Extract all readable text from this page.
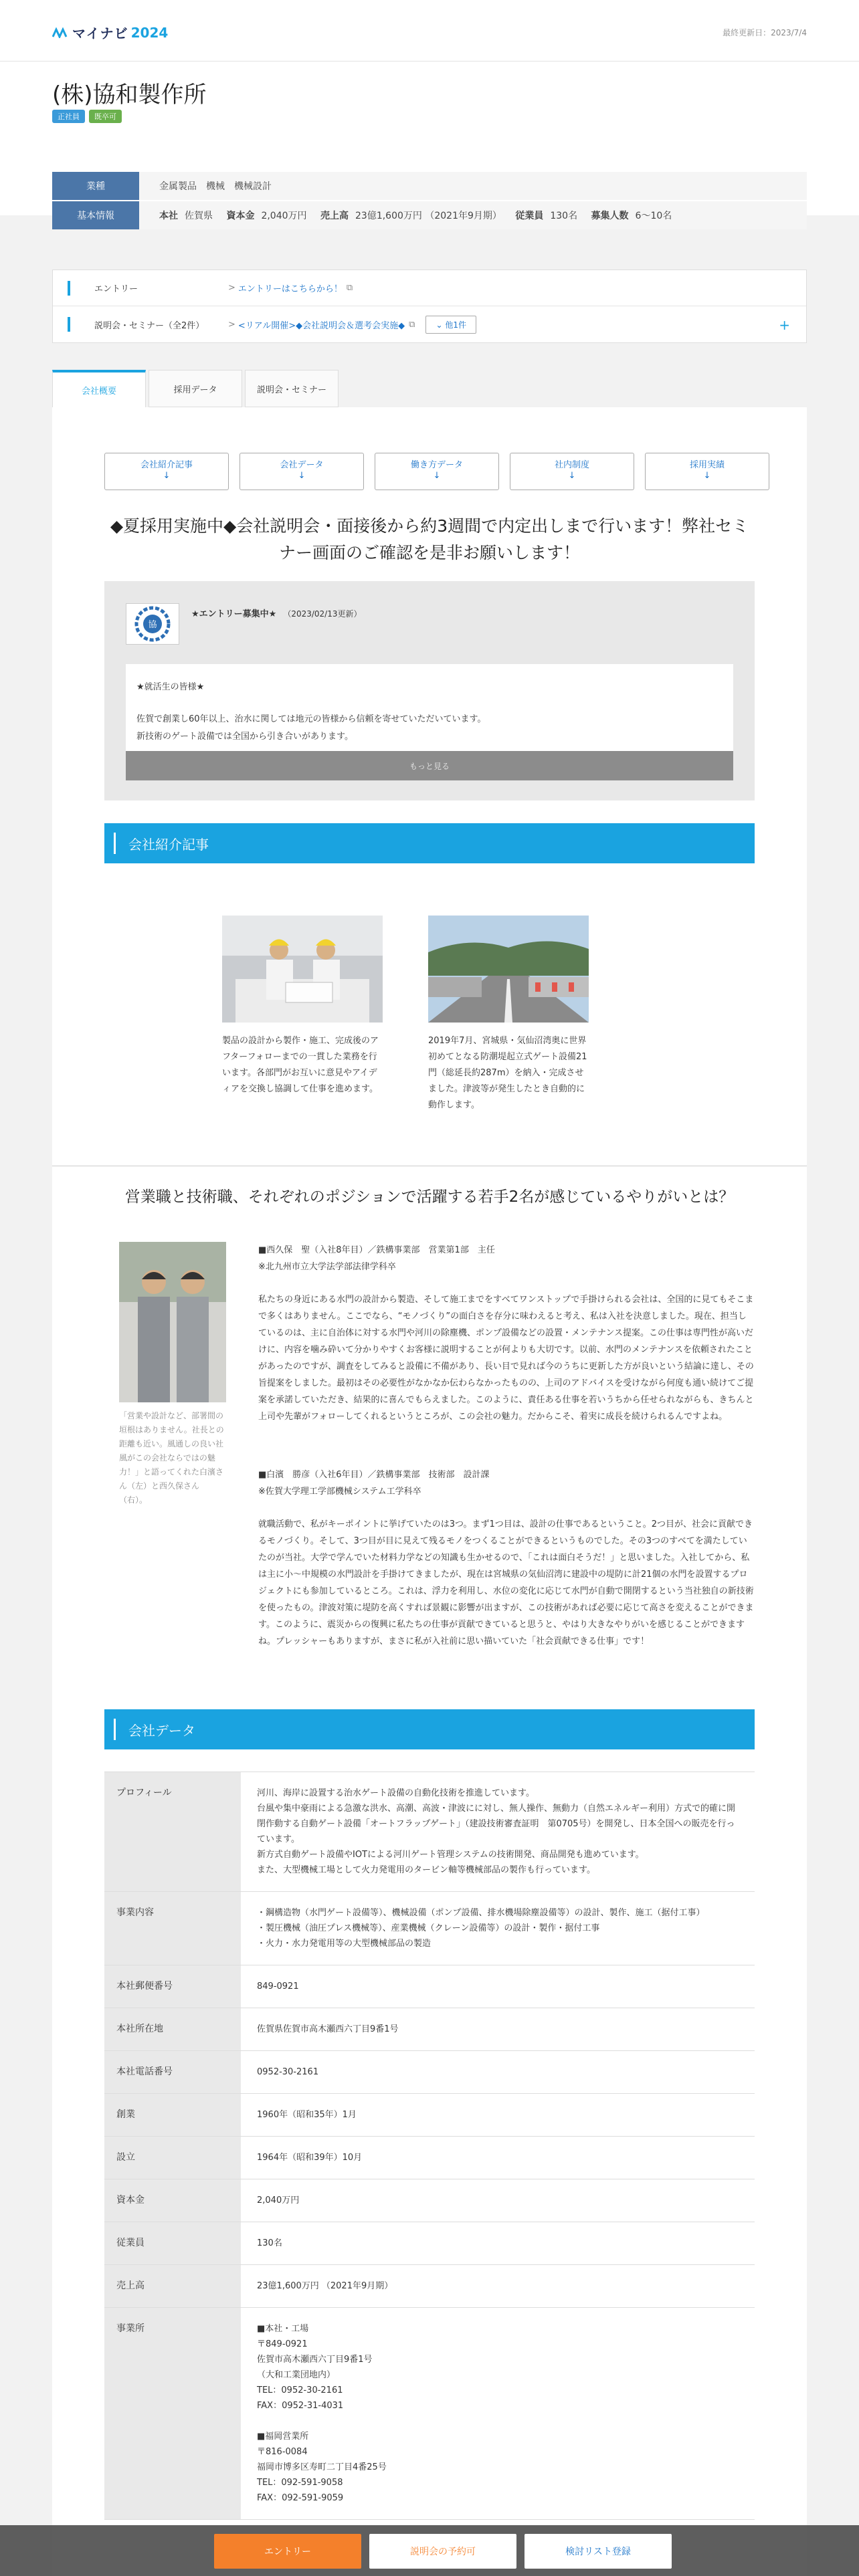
マイナビ 2024	最終更新日：2023/7/4
(株)協和製作所
正社員	既卒可
業種	金属製品　機械　機械設計
基本情報	本社 佐賀県 資本金 2,040万円 売上高 23億1,600万円 （2021年9月期） 従業員 130名 募集人数 6～10名
エントリー	> エントリーはこちらから！ ⧉
説明会・セミナー（全2件）	> <リアル開催>◆会社説明会＆選考会実施◆ ⧉	⌄ 他1件	+
会社概要	採用データ	説明会・セミナー
会社紹介記事
↓
会社データ
↓
働き方データ
↓
社内制度
↓
採用実績
↓
◆夏採用実施中◆会社説明会・面接後から約3週間で内定出しまで行います！弊社セミナー画面のご確認を是非お願いします！
協
★エントリー募集中★ （2023/02/13更新）
★就活生の皆様★
佐賀で創業し60年以上、治水に関しては地元の皆様から信頼を寄せていただいています。
新技術のゲート設備では全国から引き合いがあります。
もっと見る
会社紹介記事

製品の設計から製作・施工、完成後のアフターフォローまでの一貫した業務を行います。各部門がお互いに意見やアイディアを交換し協調して仕事を進めます。

2019年7月、宮城県・気仙沼湾奥に世界初めてとなる防潮堤起立式ゲート設備21門（総延長約287m）を納入・完成させました。津波等が発生したとき自動的に動作します。

営業職と技術職、それぞれのポジションで活躍する若手2名が感じているやりがいとは？
「営業や設計など、部署間の垣根はありません。社長との距離も近い。風通しの良い社風がこの会社ならではの魅力！」と語ってくれた白濱さん（左）と西久保さん（右）。
■西久保　聖（入社8年目）／鉄構事業部　営業第1部　主任
※北九州市立大学法学部法律学科卒
私たちの身近にある水門の設計から製造、そして施工までをすべてワンストップで手掛けられる会社は、全国的に見てもそこまで多くはありません。ここでなら、“モノづくり”の面白さを存分に味わえると考え、私は入社を決意しました。現在、担当しているのは、主に自治体に対する水門や河川の除塵機、ポンプ設備などの設置・メンテナンス提案。この仕事は専門性が高いだけに、内容を噛み砕いて分かりやすくお客様に説明することが何よりも大切です。以前、水門のメンテナンスを依頼されたことがあったのですが、調査をしてみると設備に不備があり、長い目で見れば今のうちに更新した方が良いという結論に達し、その旨提案をしました。最初はその必要性がなかなか伝わらなかったものの、上司のアドバイスを受けながら何度も通い続けてご提案を承諾していただき、結果的に喜んでもらえました。このように、責任ある仕事を若いうちから任せられながらも、きちんと上司や先輩がフォローしてくれるというところが、この会社の魅力。だからこそ、着実に成長を続けられるんですよね。
■白濱　勝彦（入社6年目）／鉄構事業部　技術部　設計課
※佐賀大学理工学部機械システム工学科卒
就職活動で、私がキーポイントに挙げていたのは3つ。まず1つ目は、設計の仕事であるということ。2つ目が、社会に貢献できるモノづくり。そして、3つ目が目に見えて残るモノをつくることができるというものでした。その3つのすべてを満たしていたのが当社。大学で学んでいた材料力学などの知識も生かせるので、「これは面白そうだ！」と思いました。入社してから、私は主に小～中規模の水門設計を手掛けてきましたが、現在は宮城県の気仙沼湾に建設中の堤防に計21個の水門を設置するプロジェクトにも参加しているところ。これは、浮力を利用し、水位の変化に応じて水門が自動で開閉するという当社独自の新技術を使ったもの。津波対策に堤防を高くすれば景観に影響が出ますが、この技術があれば必要に応じて高さを変えることができます。このように、震災からの復興に私たちの仕事が貢献できていると思うと、やはり大きなやりがいを感じることができますね。プレッシャーもありますが、まさに私が入社前に思い描いていた「社会貢献できる仕事」です！
会社データ
プロフィール	河川、海岸に設置する治水ゲート設備の自動化技術を推進しています。
台風や集中豪雨による急激な洪水、高潮、高波・津波にに対し、無人操作、無動力（自然エネルギー利用）方式で的確に開閉作動する自動ゲート設備「オートフラップゲート」（建設技術審査証明　第0705号）を開発し、日本全国への販売を行っています。
新方式自動ゲート設備やIOTによる河川ゲート管理システムの技術開発、商品開発も進めています。
また、大型機械工場として火力発電用のタービン軸等機械部品の製作も行っています。
事業内容	・鋼構造物（水門ゲート設備等）、機械設備（ポンプ設備、排水機場除塵設備等）の設計、製作、施工（据付工事）
・製圧機械（油圧プレス機械等）、産業機械（クレーン設備等）の設計・製作・据付工事
・火力・水力発電用等の大型機械部品の製造
本社郵便番号	849-0921
本社所在地	佐賀県佐賀市高木瀬西六丁目9番1号
本社電話番号	0952-30-2161
創業	1960年（昭和35年）1月
設立	1964年（昭和39年）10月
資本金	2,040万円
従業員	130名
売上高	23億1,600万円 （2021年9月期）
事業所	■本社・工場
〒849-0921
佐賀市高木瀬西六丁目9番1号
（大和工業団地内）
TEL：0952-30-2161
FAX：0952-31-4031

■福岡営業所
〒816-0084
福岡市博多区寿町二丁目4番25号
TEL：092-591-9058
FAX：092-591-9059
エントリー	説明会の予約可	検討リスト登録
